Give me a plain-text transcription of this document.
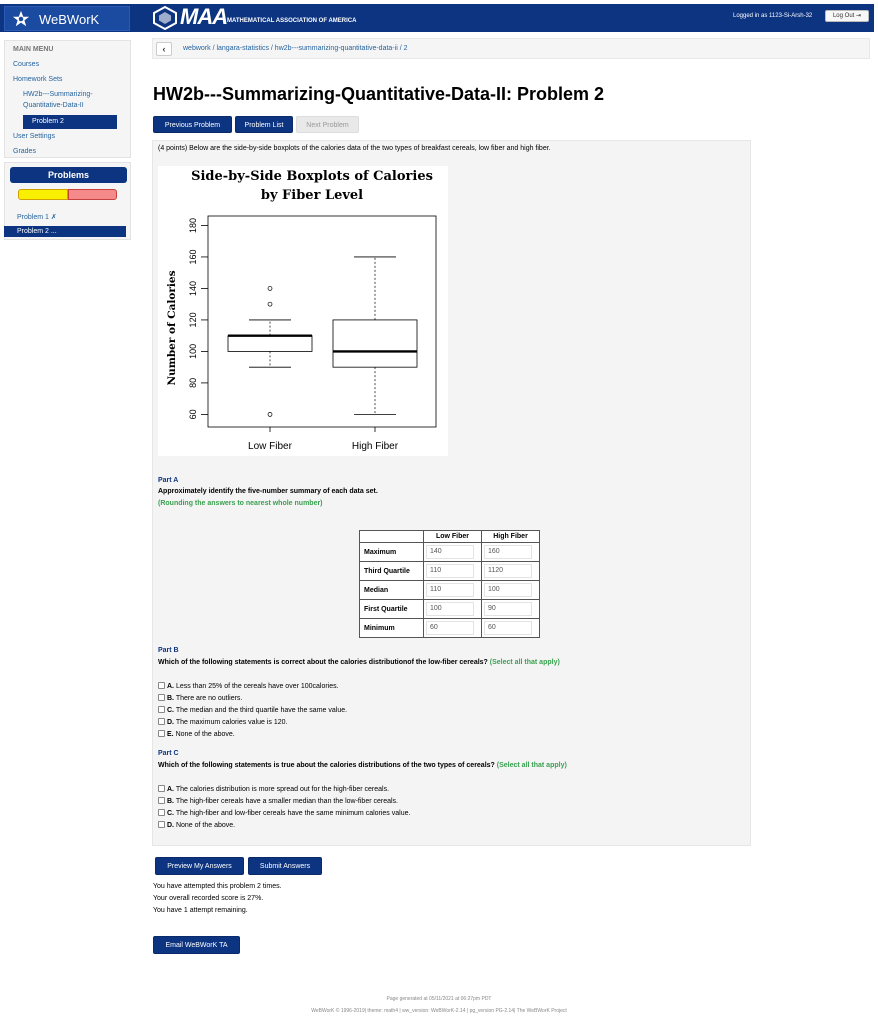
WeBWorK	MAA MATHEMATICAL ASSOCIATION OF AMERICA
Logged in as 1123-Si-Arsh-32	Log Out ⇥
MAIN MENU
Courses
Homework Sets
HW2b---Summarizing-
Quantitative-Data-II
Problem 2
User Settings
Grades
Problems
Problem 1 ✗
Problem 2 ...
‹	webwork / langara-statistics / hw2b---summarizing-quantitative-data-ii / 2
HW2b---Summarizing-Quantitative-Data-II: Problem 2
Previous Problem	Problem List	Next Problem
(4 points) Below are the side-by-side boxplots of the calories data of the two types of breakfast cereals, low fiber and high fiber.
Side-by-Side Boxplots of Calories
by Fiber Level
Number of Calories
60
80
100
120
140
160
180
Low Fiber	High Fiber
Part A
Approximately identify the five-number summary of each data set.
(Rounding the answers to nearest whole number)
	Low Fiber	High Fiber
Maximum	140	160

Third Quartile	110	1120

Median	110	100

First Quartile	100	90

Minimum	60	60
Part B
Which of the following statements is correct about the calories distributionof the low-fiber cereals? (Select all that apply)
A. Less than 25% of the cereals have over 100calories.
B. There are no outliers.
C. The median and the third quartile have the same value.
D. The maximum calories value is 120.
E. None of the above.
Part C
Which of the following statements is true about the calories distributions of the two types of cereals? (Select all that apply)
A. The calories distribution is more spread out for the high-fiber cereals.
B. The high-fiber cereals have a smaller median than the low-fiber cereals.
C. The high-fiber and low-fiber cereals have the same minimum calories value.
D. None of the above.
Preview My Answers	Submit Answers
You have attempted this problem 2 times.
Your overall recorded score is 27%.
You have 1 attempt remaining.
Email WeBWorK TA
Page generated at 05/11/2021 at 06:27pm PDT
WeBWorK © 1996-2019| theme: math4 | ww_version: WeBWorK-2.14 | pg_version PG-2.14| The WeBWorK Project
